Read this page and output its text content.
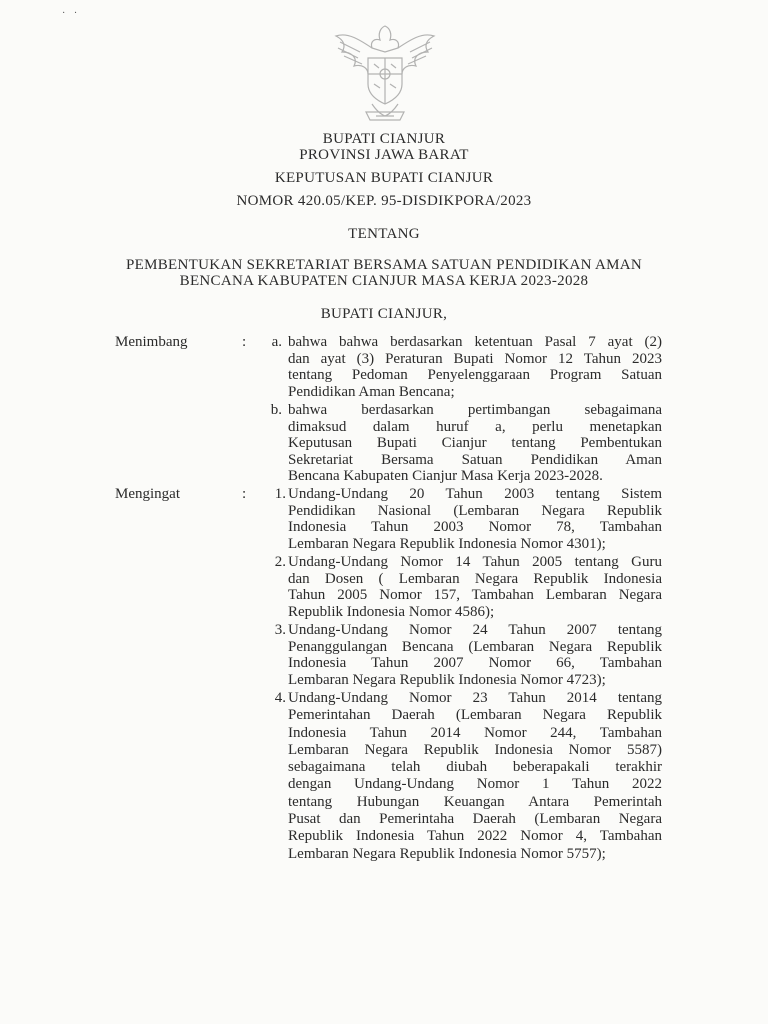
· ·
BUPATI CIANJUR
PROVINSI JAWA BARAT
KEPUTUSAN BUPATI CIANJUR
NOMOR 420.05/KEP. 95-DISDIKPORA/2023
TENTANG
PEMBENTUKAN SEKRETARIAT BERSAMA SATUAN PENDIDIKAN AMAN
BENCANA KABUPATEN CIANJUR MASA KERJA 2023-2028
BUPATI CIANJUR,
Menimbang	:	a. bahwa bahwa berdasarkan ketentuan Pasal 7 ayat (2)
dan ayat (3) Peraturan Bupati Nomor 12 Tahun 2023
tentang Pedoman Penyelenggaraan Program Satuan
Pendidikan Aman Bencana;
b. bahwa berdasarkan pertimbangan sebagaimana
dimaksud dalam huruf a, perlu menetapkan
Keputusan Bupati Cianjur tentang Pembentukan
Sekretariat Bersama Satuan Pendidikan Aman
Bencana Kabupaten Cianjur Masa Kerja 2023-2028.
Mengingat	:	1. Undang-Undang 20 Tahun 2003 tentang Sistem
Pendidikan Nasional (Lembaran Negara Republik
Indonesia Tahun 2003 Nomor 78, Tambahan
Lembaran Negara Republik Indonesia Nomor 4301);
2. Undang-Undang Nomor 14 Tahun 2005 tentang Guru
dan Dosen ( Lembaran Negara Republik Indonesia
Tahun 2005 Nomor 157, Tambahan Lembaran Negara
Republik Indonesia Nomor 4586);
3. Undang-Undang Nomor 24 Tahun 2007 tentang
Penanggulangan Bencana (Lembaran Negara Republik
Indonesia Tahun 2007 Nomor 66, Tambahan
Lembaran Negara Republik Indonesia Nomor 4723);
4. Undang-Undang Nomor 23 Tahun 2014 tentang
Pemerintahan Daerah (Lembaran Negara Republik
Indonesia Tahun 2014 Nomor 244, Tambahan
Lembaran Negara Republik Indonesia Nomor 5587)
sebagaimana telah diubah beberapakali terakhir
dengan Undang-Undang Nomor 1 Tahun 2022
tentang Hubungan Keuangan Antara Pemerintah
Pusat dan Pemerintaha Daerah (Lembaran Negara
Republik Indonesia Tahun 2022 Nomor 4, Tambahan
Lembaran Negara Republik Indonesia Nomor 5757);
